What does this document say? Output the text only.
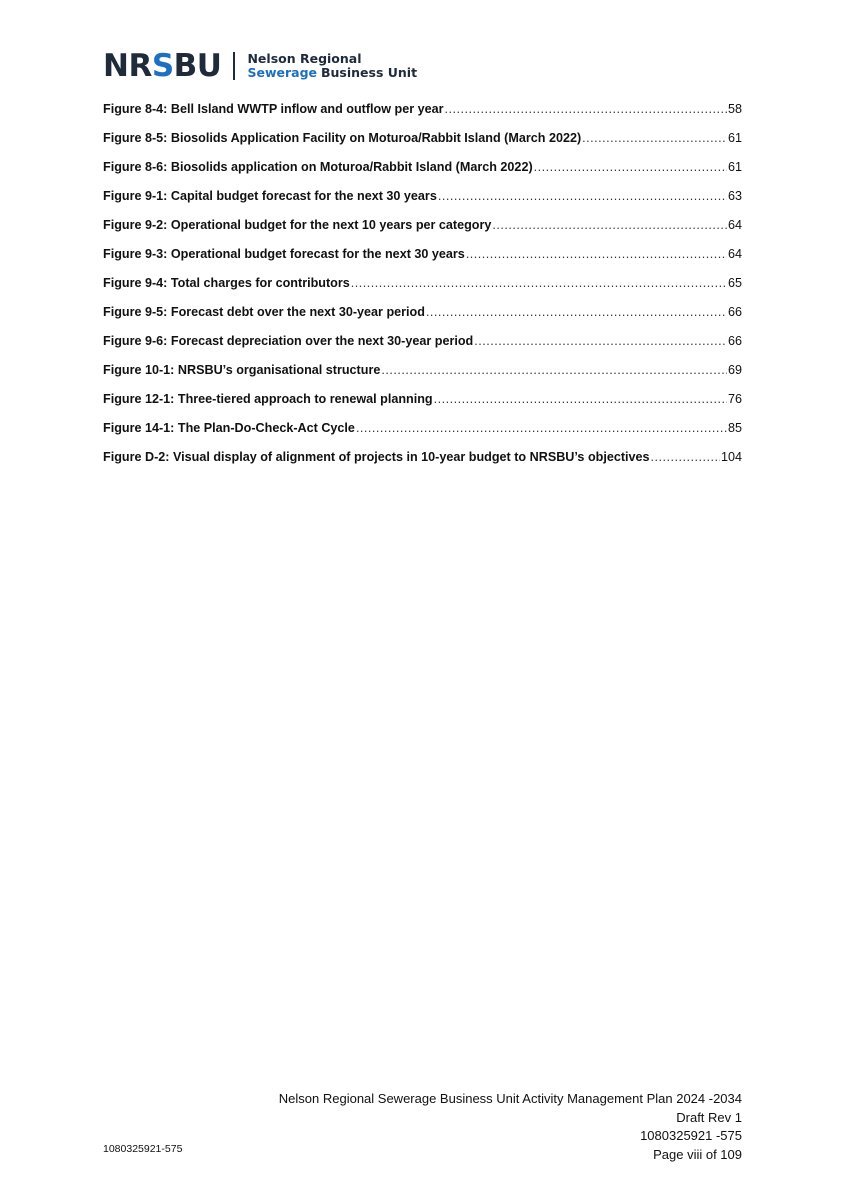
NRSBU Nelson Regional
Sewerage Business Unit
Figure 8-4: Bell Island WWTP inflow and outflow per year .....	58
Figure 8-5: Biosolids Application Facility on Moturoa/Rabbit Island (March 2022) .....	61
Figure 8-6: Biosolids application on Moturoa/Rabbit Island (March 2022) .....	61
Figure 9-1: Capital budget forecast for the next 30 years .....	63
Figure 9-2: Operational budget for the next 10 years per category .....	64
Figure 9-3: Operational budget forecast for the next 30 years .....	64
Figure 9-4: Total charges for contributors .....	65
Figure 9-5: Forecast debt over the next 30-year period .....	66
Figure 9-6: Forecast depreciation over the next 30-year period .....	66
Figure 10-1: NRSBU’s organisational structure .....	69
Figure 12-1: Three-tiered approach to renewal planning .....	76
Figure 14-1: The Plan-Do-Check-Act Cycle .....	85
Figure D-2: Visual display of alignment of projects in 10-year budget to NRSBU’s objectives .....	104
Nelson Regional Sewerage Business Unit Activity Management Plan 2024 -2034
Draft Rev 1
1080325921 -575
Page viii of 109
1080325921-575
